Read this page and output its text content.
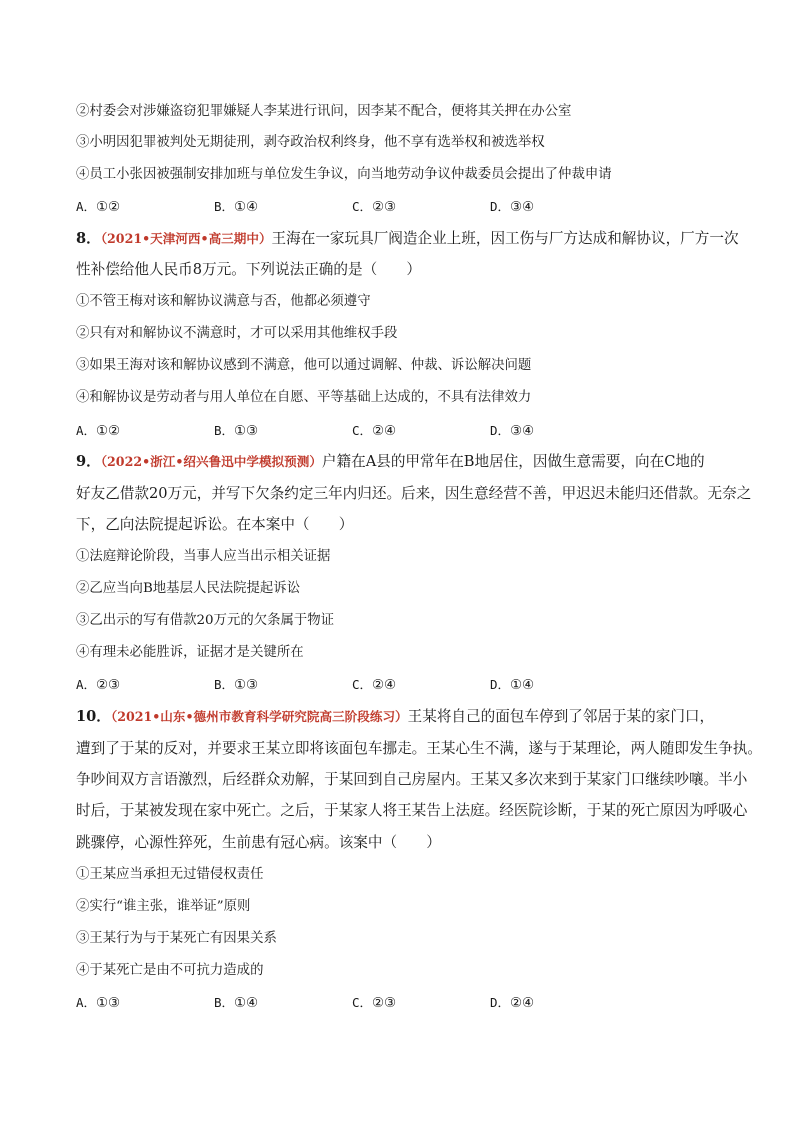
②村委会对涉嫌盗窃犯罪嫌疑人李某进行讯问，因李某不配合，便将其关押在办公室
③小明因犯罪被判处无期徒刑，剥夺政治权利终身，他不享有选举权和被选举权
④员工小张因被强制安排加班与单位发生争议，向当地劳动争议仲裁委员会提出了仲裁申请
A．①②	B．①④	C．②③	D．③④
8．（2021•天津河西•高三期中）王海在一家玩具厂阀造企业上班，因工伤与厂方达成和解协议，厂方一次
性补偿给他人民币8万元。下列说法正确的是（　　）
①不管王梅对该和解协议满意与否，他都必须遵守
②只有对和解协议不满意时，才可以采用其他维权手段
③如果王海对该和解协议感到不满意，他可以通过调解、仲裁、诉讼解决问题
④和解协议是劳动者与用人单位在自愿、平等基础上达成的，不具有法律效力
A．①②	B．①③	C．②④	D．③④
9．（2022•浙江•绍兴鲁迅中学模拟预测）户籍在A县的甲常年在B地居住，因做生意需要，向在C地的
好友乙借款20万元，并写下欠条约定三年内归还。后来，因生意经营不善，甲迟迟未能归还借款。无奈之
下，乙向法院提起诉讼。在本案中（　　）
①法庭辩论阶段，当事人应当出示相关证据
②乙应当向B地基层人民法院提起诉讼
③乙出示的写有借款20万元的欠条属于物证
④有理未必能胜诉，证据才是关键所在
A．②③	B．①③	C．②④	D．①④
10．（2021•山东•德州市教育科学研究院高三阶段练习）王某将自己的面包车停到了邻居于某的家门口，
遭到了于某的反对，并要求王某立即将该面包车挪走。王某心生不满，遂与于某理论，两人随即发生争执。
争吵间双方言语激烈，后经群众劝解，于某回到自己房屋内。王某又多次来到于某家门口继续吵嚷。半小
时后，于某被发现在家中死亡。之后，于某家人将王某告上法庭。经医院诊断，于某的死亡原因为呼吸心
跳骤停，心源性猝死，生前患有冠心病。该案中（　　）
①王某应当承担无过错侵权责任
②实行“谁主张，谁举证”原则
③王某行为与于某死亡有因果关系
④于某死亡是由不可抗力造成的
A．①③	B．①④	C．②③	D．②④
